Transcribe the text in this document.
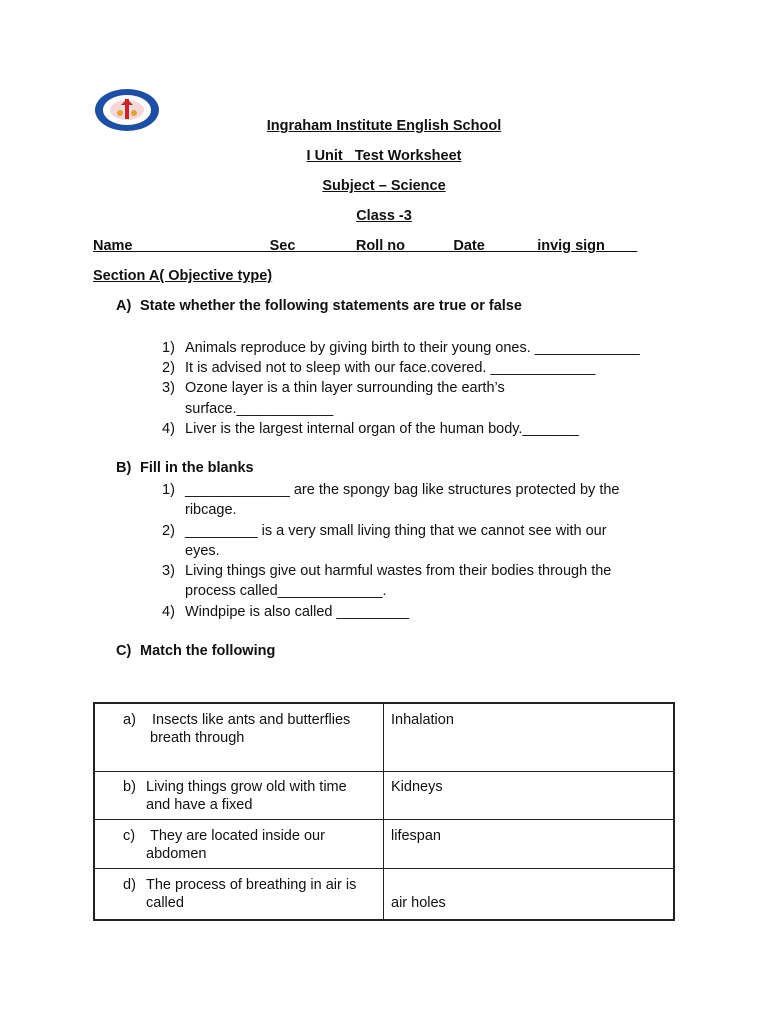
Ingraham Institute English School
I Unit   Test Worksheet
Subject – Science
Class -3
Name ________________ Sec_______ Roll no _____ Date______ invig sign____
Section A( Objective type)
A) State whether the following statements are true or false
1) Animals reproduce by giving birth to their young ones. _____________
2) It is advised not to sleep with our face.covered. _____________
3) Ozone layer is a thin layer surrounding the earth’s
surface.____________
4) Liver is the largest internal organ of the human body._______
B) Fill in the blanks
1) _____________ are the spongy bag like structures protected by the
ribcage.
2) _________ is a very small living thing that we cannot see with our
eyes.
3) Living things give out harmful wastes from their bodies through the
process called_____________.
4) Windpipe is also called _________
C) Match the following
a) Insects like ants and butterflies
breath through
Inhalation
b) Living things grow old with time
and have a fixed
Kidneys
c) They are located inside our
abdomen
lifespan
d) The process of breathing in air is
called	air holes
